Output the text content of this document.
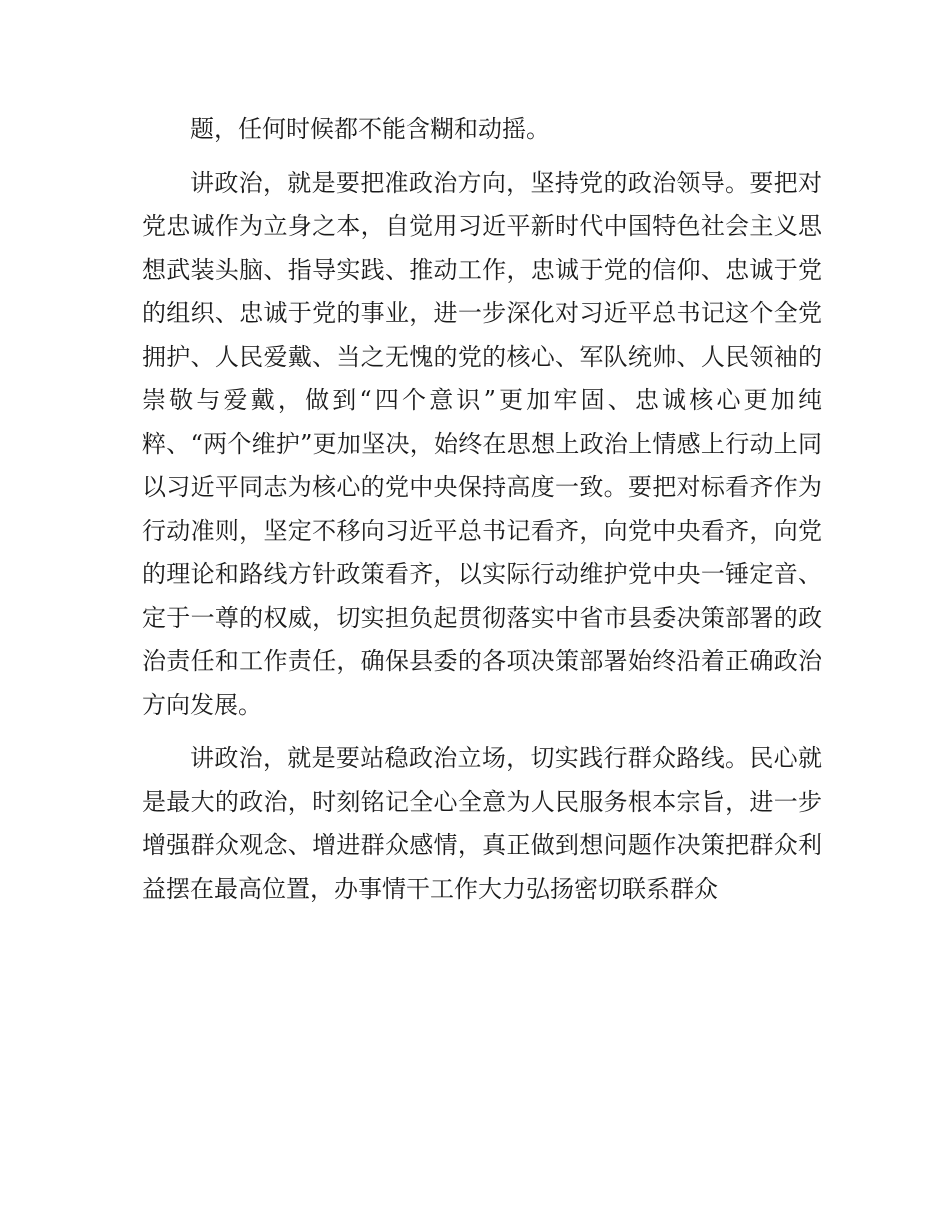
题，任何时候都不能含糊和动摇。

讲政治，就是要把准政治方向，坚持党的政治领导。要把对党忠诚作为立身之本，自觉用习近平新时代中国特色社会主义思想武装头脑、指导实践、推动工作，忠诚于党的信仰、忠诚于党的组织、忠诚于党的事业，进一步深化对习近平总书记这个全党拥护、人民爱戴、当之无愧的党的核心、军队统帅、人民领袖的崇敬与爱戴，做到“四个意识”更加牢固、忠诚核心更加纯粹、“两个维护”更加坚决，始终在思想上政治上情感上行动上同以习近平同志为核心的党中央保持高度一致。要把对标看齐作为行动准则，坚定不移向习近平总书记看齐，向党中央看齐，向党的理论和路线方针政策看齐，以实际行动维护党中央一锤定音、定于一尊的权威，切实担负起贯彻落实中省市县委决策部署的政治责任和工作责任，确保县委的各项决策部署始终沿着正确政治方向发展。

讲政治，就是要站稳政治立场，切实践行群众路线。民心就是最大的政治，时刻铭记全心全意为人民服务根本宗旨，进一步增强群众观念、增进群众感情，真正做到想问题作决策把群众利益摆在最高位置，办事情干工作大力弘扬密切联系群众
